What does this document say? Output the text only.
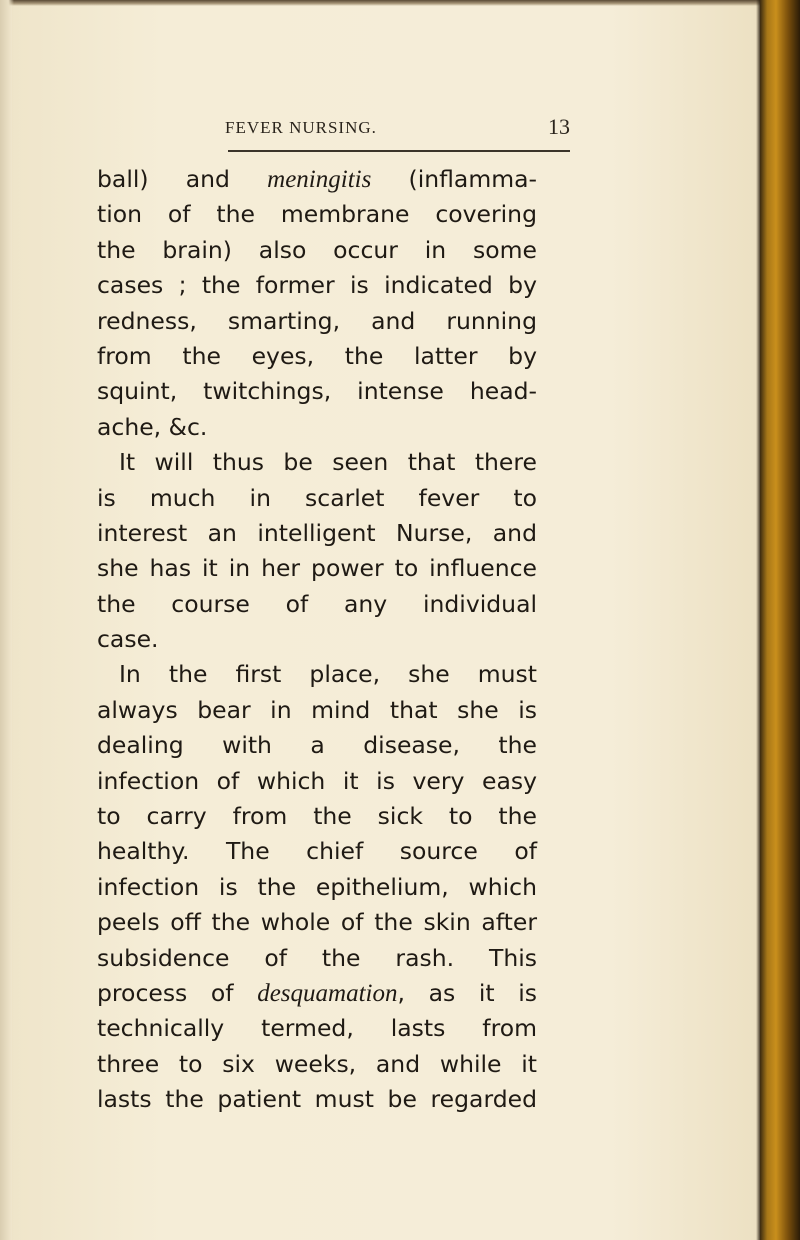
FEVER NURSING.	13
ball) and meningitis (inflamma-
tion of the membrane covering
the brain) also occur in some
cases ; the former is indicated by
redness, smarting, and running
from the eyes, the latter by
squint, twitchings, intense head-
ache, &c.
It will thus be seen that there
is much in scarlet fever to
interest an intelligent Nurse, and
she has it in her power to influence
the course of any individual
case.
In the first place, she must
always bear in mind that she is
dealing with a disease, the
infection of which it is very easy
to carry from the sick to the
healthy. The chief source of
infection is the epithelium, which
peels off the whole of the skin after
subsidence of the rash. This
process of desquamation, as it is
technically termed, lasts from
three to six weeks, and while it
lasts the patient must be regarded
